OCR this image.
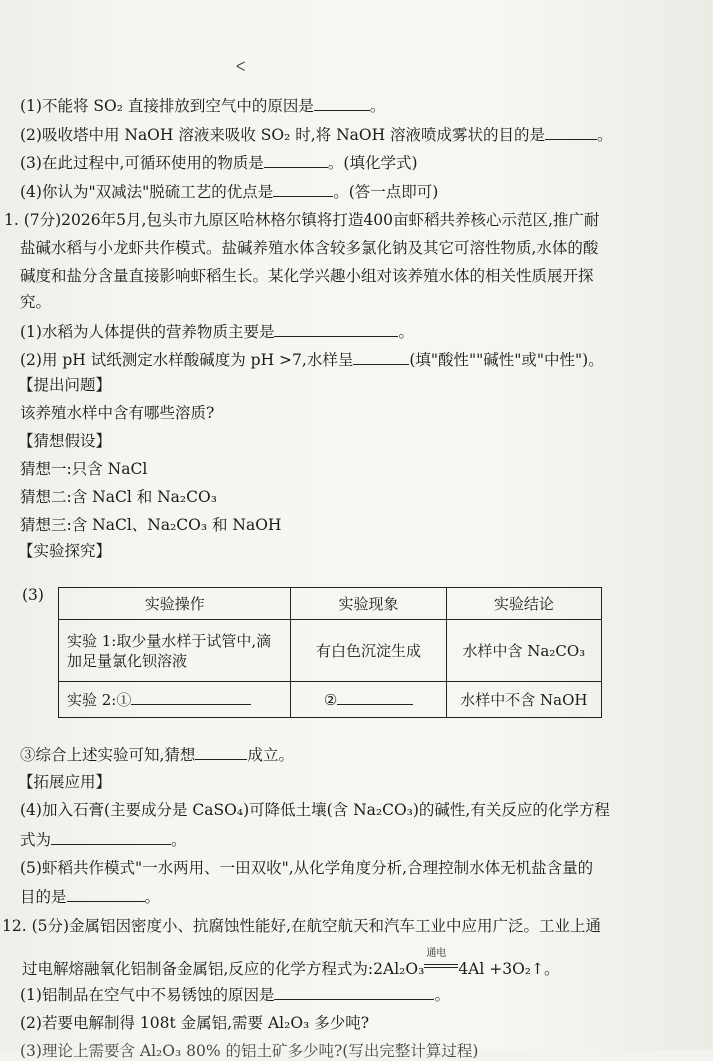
ᐸ
(1)不能将 SO₂ 直接排放到空气中的原因是	。
(2)吸收塔中用 NaOH 溶液来吸收 SO₂ 时,将 NaOH 溶液喷成雾状的目的是	。
(3)在此过程中,可循环使用的物质是	。(填化学式)
(4)你认为"双减法"脱硫工艺的优点是	。(答一点即可)
1. (7分)2026年5月,包头市九原区哈林格尔镇将打造400亩虾稻共养核心示范区,推广耐
盐碱水稻与小龙虾共作模式。盐碱养殖水体含较多氯化钠及其它可溶性物质,水体的酸
碱度和盐分含量直接影响虾稻生长。某化学兴趣小组对该养殖水体的相关性质展开探
究。
(1)水稻为人体提供的营养物质主要是	。
(2)用 pH 试纸测定水样酸碱度为 pH >7,水样呈	(填"酸性""碱性"或"中性")。
【提出问题】
该养殖水样中含有哪些溶质?
【猜想假设】
猜想一:只含 NaCl
猜想二:含 NaCl 和 Na₂CO₃
猜想三:含 NaCl、Na₂CO₃ 和 NaOH
【实验探究】
(3)	实验操作	实验现象	实验结论

实验 1:取少量水样于试管中,滴
加足量氯化钡溶液	有白色沉淀生成	水样中含 Na₂CO₃
实验 2:①	②	水样中不含 NaOH
③综合上述实验可知,猜想	成立。
【拓展应用】
(4)加入石膏(主要成分是 CaSO₄)可降低土壤(含 Na₂CO₃)的碱性,有关反应的化学方程
式为	。
(5)虾稻共作模式"一水两用、一田双收",从化学角度分析,合理控制水体无机盐含量的
目的是	。
12. (5分)金属铝因密度小、抗腐蚀性能好,在航空航天和汽车工业中应用广泛。工业上通
过电解熔融氧化铝制备金属铝,反应的化学方程式为:2Al₂O₃
通电
4Al +3O₂↑。
(1)铝制品在空气中不易锈蚀的原因是	。
(2)若要电解制得 108t 金属铝,需要 Al₂O₃ 多少吨?
(3)理论上需要含 Al₂O₃ 80% 的铝土矿多少吨?(写出完整计算过程)
